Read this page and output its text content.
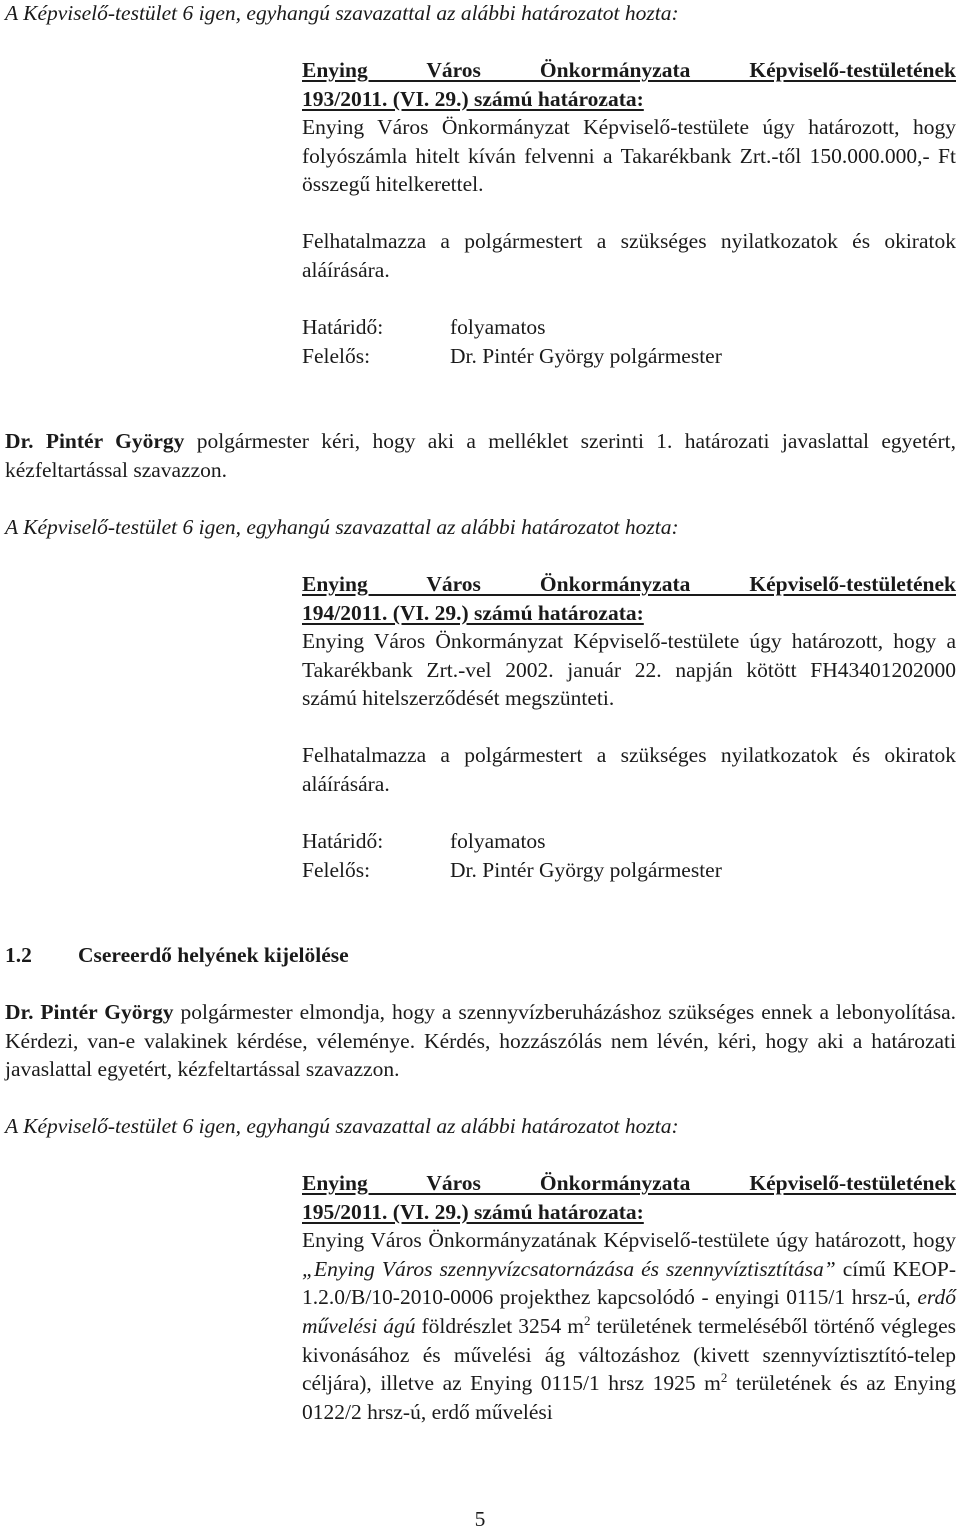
A Képviselő-testület 6 igen, egyhangú szavazattal az alábbi határozatot hozta:
Enying Város Önkormányzata Képviselő-testületének
193/2011. (VI. 29.) számú határozata:
Enying Város Önkormányzat Képviselő-testülete úgy határozott, hogy folyószámla hitelt kíván felvenni a Takarékbank Zrt.-től 150.000.000,- Ft összegű hitelkerettel.
Felhatalmazza a polgármestert a szükséges nyilatkozatok és okiratok aláírására.
Határidő:	folyamatos
Felelős:	Dr. Pintér György polgármester
Dr. Pintér György polgármester kéri, hogy aki a melléklet szerinti 1. határozati javaslattal egyetért, kézfeltartással szavazzon.
A Képviselő-testület 6 igen, egyhangú szavazattal az alábbi határozatot hozta:
Enying Város Önkormányzata Képviselő-testületének
194/2011. (VI. 29.) számú határozata:
Enying Város Önkormányzat Képviselő-testülete úgy határozott, hogy a Takarékbank Zrt.-vel 2002. január 22. napján kötött FH43401202000 számú hitelszerződését megszünteti.
Felhatalmazza a polgármestert a szükséges nyilatkozatok és okiratok aláírására.
Határidő:	folyamatos
Felelős:	Dr. Pintér György polgármester
1.2 Csereerdő helyének kijelölése
Dr. Pintér György polgármester elmondja, hogy a szennyvízberuházáshoz szükséges ennek a lebonyolítása. Kérdezi, van-e valakinek kérdése, véleménye. Kérdés, hozzászólás nem lévén, kéri, hogy aki a határozati javaslattal egyetért, kézfeltartással szavazzon.
A Képviselő-testület 6 igen, egyhangú szavazattal az alábbi határozatot hozta:
Enying Város Önkormányzata Képviselő-testületének
195/2011. (VI. 29.) számú határozata:
Enying Város Önkormányzatának Képviselő-testülete úgy határozott, hogy „Enying Város szennyvízcsatornázása és szennyvíztisztítása” című KEOP-1.2.0/B/10-2010-0006 projekthez kapcsolódó - enyingi 0115/1 hrsz-ú, erdő művelési ágú földrészlet 3254 $m^2$ területének termeléséből történő végleges kivonásához és művelési ág változáshoz (kivett szennyvíztisztító-telep céljára), illetve az Enying 0115/1 hrsz 1925 $m^2$ területének és az Enying 0122/2 hrsz-ú, erdő művelési
5
